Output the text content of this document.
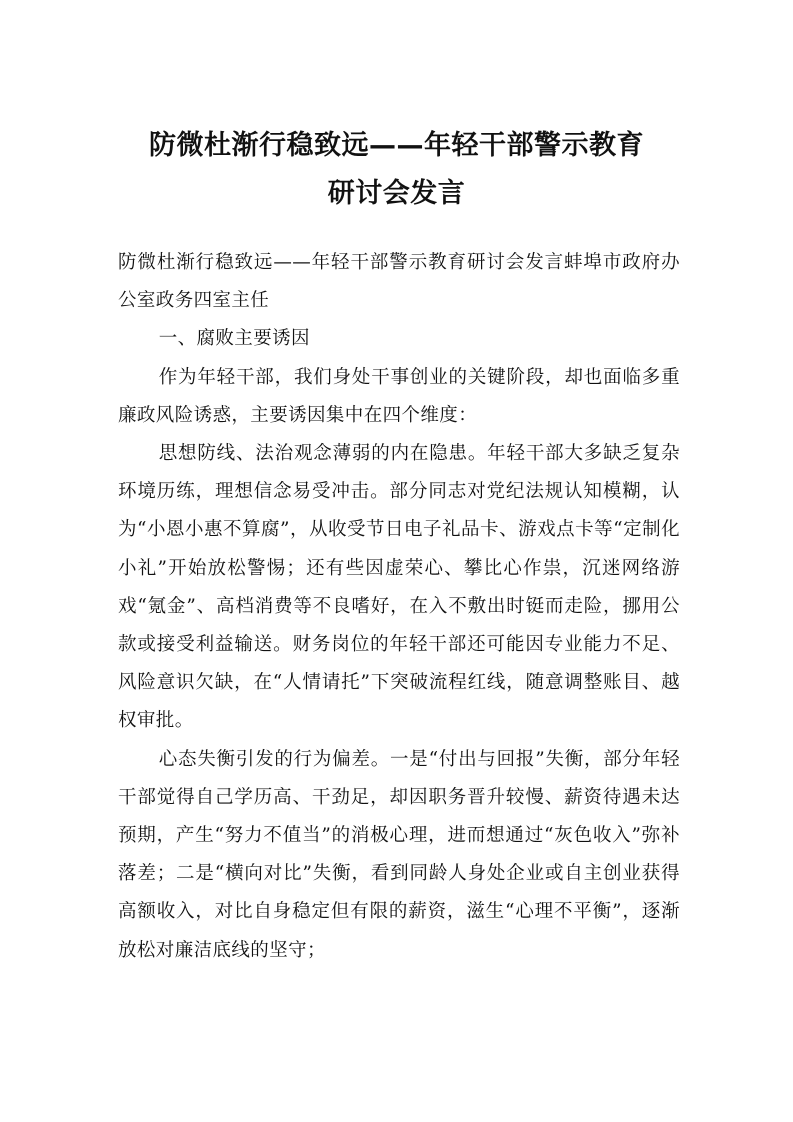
防微杜渐行稳致远——年轻干部警示教育
研讨会发言

防微杜渐行稳致远——年轻干部警示教育研讨会发言蚌埠市政府办公室政务四室主任

一、腐败主要诱因

作为年轻干部，我们身处干事创业的关键阶段，却也面临多重廉政风险诱惑，主要诱因集中在四个维度：

思想防线、法治观念薄弱的内在隐患。年轻干部大多缺乏复杂环境历练，理想信念易受冲击。部分同志对党纪法规认知模糊，认为“小恩小惠不算腐”，从收受节日电子礼品卡、游戏点卡等“定制化小礼”开始放松警惕；还有些因虚荣心、攀比心作祟，沉迷网络游戏“氪金”、高档消费等不良嗜好，在入不敷出时铤而走险，挪用公款或接受利益输送。财务岗位的年轻干部还可能因专业能力不足、风险意识欠缺，在“人情请托”下突破流程红线，随意调整账目、越权审批。

心态失衡引发的行为偏差。一是“付出与回报”失衡，部分年轻干部觉得自己学历高、干劲足，却因职务晋升较慢、薪资待遇未达预期，产生“努力不值当”的消极心理，进而想通过“灰色收入”弥补落差；二是“横向对比”失衡，看到同龄人身处企业或自主创业获得高额收入，对比自身稳定但有限的薪资，滋生“心理不平衡”，逐渐放松对廉洁底线的坚守；
